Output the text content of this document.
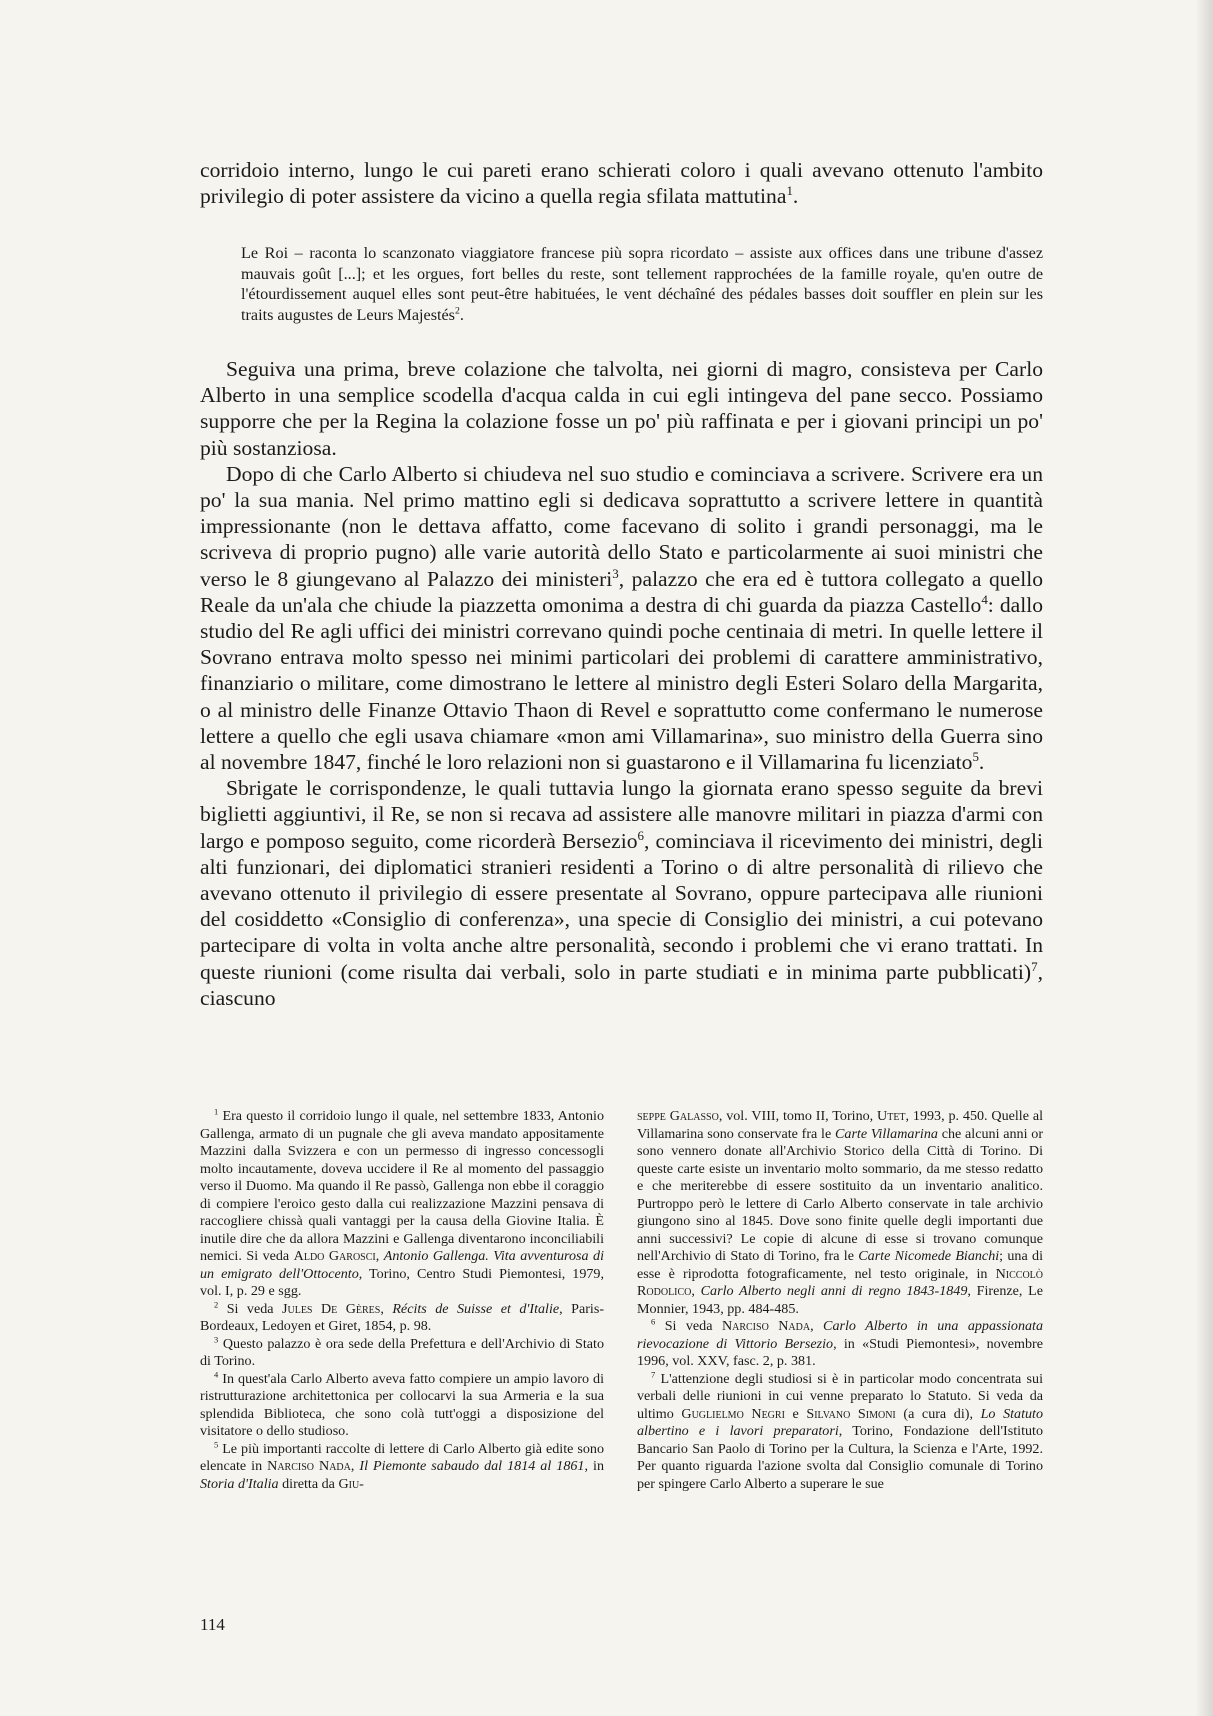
corridoio interno, lungo le cui pareti erano schierati coloro i quali avevano ottenuto l'ambito privilegio di poter assistere da vicino a quella regia sfilata mattutina$^1$.

Le Roi – raconta lo scanzonato viaggiatore francese più sopra ricordato – assiste aux offices dans une tribune d'assez mauvais goût [...]; et les orgues, fort belles du reste, sont tellement rapprochées de la famille royale, qu'en outre de l'étourdissement auquel elles sont peut-être habituées, le vent déchaîné des pédales basses doit souffler en plein sur les traits augustes de Leurs Majestés$^2$.

Seguiva una prima, breve colazione che talvolta, nei giorni di magro, consisteva per Carlo Alberto in una semplice scodella d'acqua calda in cui egli intingeva del pane secco. Possiamo supporre che per la Regina la colazione fosse un po' più raffinata e per i giovani principi un po' più sostanziosa.

Dopo di che Carlo Alberto si chiudeva nel suo studio e cominciava a scrivere. Scrivere era un po' la sua mania. Nel primo mattino egli si dedicava soprattutto a scrivere lettere in quantità impressionante (non le dettava affatto, come facevano di solito i grandi personaggi, ma le scriveva di proprio pugno) alle varie autorità dello Stato e particolarmente ai suoi ministri che verso le 8 giungevano al Palazzo dei ministeri$^3$, palazzo che era ed è tuttora collegato a quello Reale da un'ala che chiude la piazzetta omonima a destra di chi guarda da piazza Castello$^4$: dallo studio del Re agli uffici dei ministri correvano quindi poche centinaia di metri. In quelle lettere il Sovrano entrava molto spesso nei minimi particolari dei problemi di carattere amministrativo, finanziario o militare, come dimostrano le lettere al ministro degli Esteri Solaro della Margarita, o al ministro delle Finanze Ottavio Thaon di Revel e soprattutto come confermano le numerose lettere a quello che egli usava chiamare «mon ami Villamarina», suo ministro della Guerra sino al novembre 1847, finché le loro relazioni non si guastarono e il Villamarina fu licenziato$^5$.

Sbrigate le corrispondenze, le quali tuttavia lungo la giornata erano spesso seguite da brevi biglietti aggiuntivi, il Re, se non si recava ad assistere alle manovre militari in piazza d'armi con largo e pomposo seguito, come ricorderà Bersezio$^6$, cominciava il ricevimento dei ministri, degli alti funzionari, dei diplomatici stranieri residenti a Torino o di altre personalità di rilievo che avevano ottenuto il privilegio di essere presentate al Sovrano, oppure partecipava alle riunioni del cosiddetto «Consiglio di conferenza», una specie di Consiglio dei ministri, a cui potevano partecipare di volta in volta anche altre personalità, secondo i problemi che vi erano trattati. In queste riunioni (come risulta dai verbali, solo in parte studiati e in minima parte pubblicati)$^7$, ciascuno

$^1$ Era questo il corridoio lungo il quale, nel settembre 1833, Antonio Gallenga, armato di un pugnale che gli aveva mandato appositamente Mazzini dalla Svizzera e con un permesso di ingresso concessogli molto incautamente, doveva uccidere il Re al momento del passaggio verso il Duomo. Ma quando il Re passò, Gallenga non ebbe il coraggio di compiere l'eroico gesto dalla cui realizzazione Mazzini pensava di raccogliere chissà quali vantaggi per la causa della Giovine Italia. È inutile dire che da allora Mazzini e Gallenga diventarono inconciliabili nemici. Si veda Aldo Garosci, Antonio Gallenga. Vita avventurosa di un emigrato dell'Ottocento, Torino, Centro Studi Piemontesi, 1979, vol. I, p. 29 e sgg.

$^2$ Si veda Jules De Gères, Récits de Suisse et d'Italie, Paris-Bordeaux, Ledoyen et Giret, 1854, p. 98.

$^3$ Questo palazzo è ora sede della Prefettura e dell'Archivio di Stato di Torino.

$^4$ In quest'ala Carlo Alberto aveva fatto compiere un ampio lavoro di ristrutturazione architettonica per collocarvi la sua Armeria e la sua splendida Biblioteca, che sono colà tutt'oggi a disposizione del visitatore o dello studioso.

$^5$ Le più importanti raccolte di lettere di Carlo Alberto già edite sono elencate in Narciso Nada, Il Piemonte sabaudo dal 1814 al 1861, in Storia d'Italia diretta da Giu-

seppe Galasso, vol. VIII, tomo II, Torino, Utet, 1993, p. 450. Quelle al Villamarina sono conservate fra le Carte Villamarina che alcuni anni or sono vennero donate all'Archivio Storico della Città di Torino. Di queste carte esiste un inventario molto sommario, da me stesso redatto e che meriterebbe di essere sostituito da un inventario analitico. Purtroppo però le lettere di Carlo Alberto conservate in tale archivio giungono sino al 1845. Dove sono finite quelle degli importanti due anni successivi? Le copie di alcune di esse si trovano comunque nell'Archivio di Stato di Torino, fra le Carte Nicomede Bianchi; una di esse è riprodotta fotograficamente, nel testo originale, in Niccolò Rodolico, Carlo Alberto negli anni di regno 1843-1849, Firenze, Le Monnier, 1943, pp. 484-485.

$^6$ Si veda Narciso Nada, Carlo Alberto in una appassionata rievocazione di Vittorio Bersezio, in «Studi Piemontesi», novembre 1996, vol. XXV, fasc. 2, p. 381.

$^7$ L'attenzione degli studiosi si è in particolar modo concentrata sui verbali delle riunioni in cui venne preparato lo Statuto. Si veda da ultimo Guglielmo Negri e Silvano Simoni (a cura di), Lo Statuto albertino e i lavori preparatori, Torino, Fondazione dell'Istituto Bancario San Paolo di Torino per la Cultura, la Scienza e l'Arte, 1992. Per quanto riguarda l'azione svolta dal Consiglio comunale di Torino per spingere Carlo Alberto a superare le sue

114
